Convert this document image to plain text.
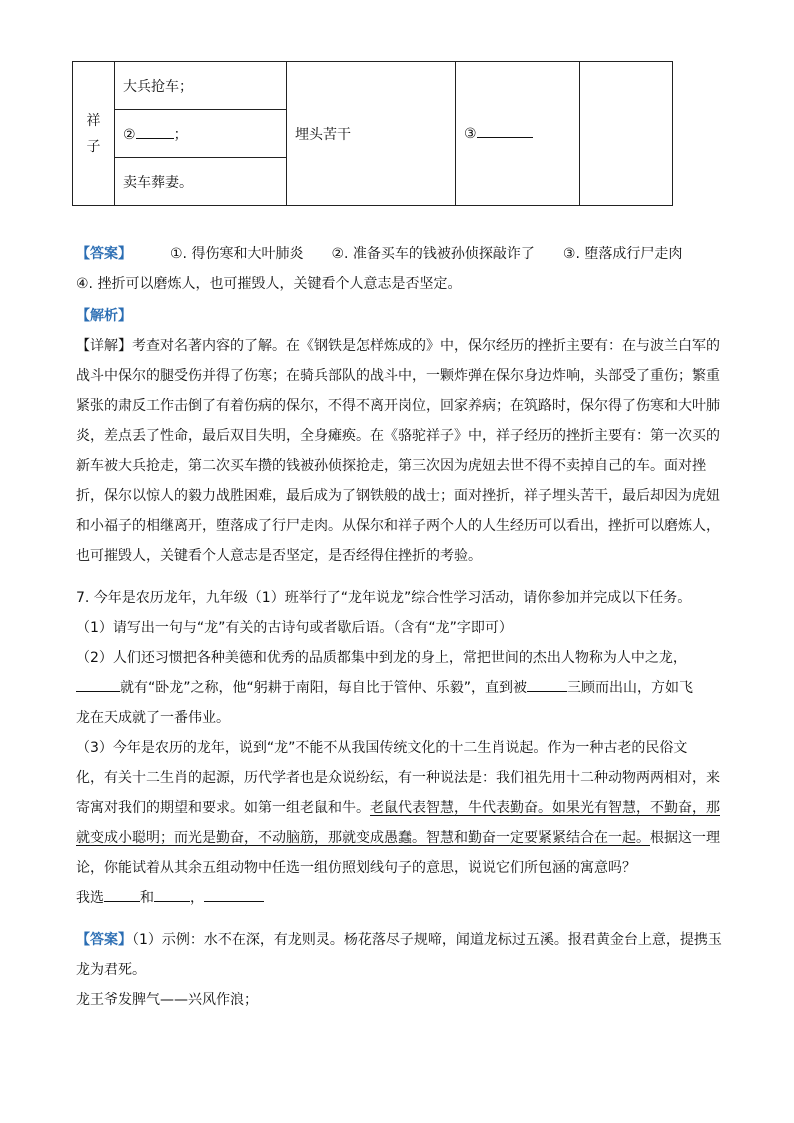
祥
子
	大兵抢车；	埋头苦干	③	
②	；
卖车葬妻。
【答案】	①. 得伤寒和大叶肺炎 ②. 准备买车的钱被孙侦探敲诈了 ③. 堕落成行尸走肉
④. 挫折可以磨炼人，也可摧毁人，关键看个人意志是否坚定。
【解析】
【详解】考查对名著内容的了解。在《钢铁是怎样炼成的》中，保尔经历的挫折主要有：在与波兰白军的
战斗中保尔的腿受伤并得了伤寒；在骑兵部队的战斗中，一颗炸弹在保尔身边炸响，头部受了重伤；繁重
紧张的肃反工作击倒了有着伤病的保尔，不得不离开岗位，回家养病；在筑路时，保尔得了伤寒和大叶肺
炎，差点丢了性命，最后双目失明，全身瘫痪。在《骆驼祥子》中，祥子经历的挫折主要有：第一次买的
新车被大兵抢走，第二次买车攒的钱被孙侦探抢走，第三次因为虎妞去世不得不卖掉自己的车。面对挫
折，保尔以惊人的毅力战胜困难，最后成为了钢铁般的战士；面对挫折，祥子埋头苦干，最后却因为虎妞
和小福子的相继离开，堕落成了行尸走肉。从保尔和祥子两个人的人生经历可以看出，挫折可以磨炼人，
也可摧毁人，关键看个人意志是否坚定，是否经得住挫折的考验。
7. 今年是农历龙年，九年级（1）班举行了“龙年说龙”综合性学习活动，请你参加并完成以下任务。
（1）请写出一句与“龙”有关的古诗句或者歇后语。（含有“龙”字即可）
（2）人们还习惯把各种美德和优秀的品质都集中到龙的身上，常把世间的杰出人物称为人中之龙，
就有“卧龙”之称，他“躬耕于南阳，每自比于管仲、乐毅”，直到被	三顾而出山，方如飞
龙在天成就了一番伟业。
（3）今年是农历的龙年，说到“龙”不能不从我国传统文化的十二生肖说起。作为一种古老的民俗文
化，有关十二生肖的起源，历代学者也是众说纷纭，有一种说法是：我们祖先用十二种动物两两相对，来
寄寓对我们的期望和要求。如第一组老鼠和牛。老鼠代表智慧，牛代表勤奋。如果光有智慧，不勤奋，那
就变成小聪明；而光是勤奋，不动脑筋，那就变成愚蠢。智慧和勤奋一定要紧紧结合在一起。根据这一理
论，你能试着从其余五组动物中任选一组仿照划线句子的意思，说说它们所包涵的寓意吗？
我选	和	，
【答案】（1）示例：水不在深，有龙则灵。杨花落尽子规啼，闻道龙标过五溪。报君黄金台上意，提携玉
龙为君死。
龙王爷发脾气——兴风作浪；
